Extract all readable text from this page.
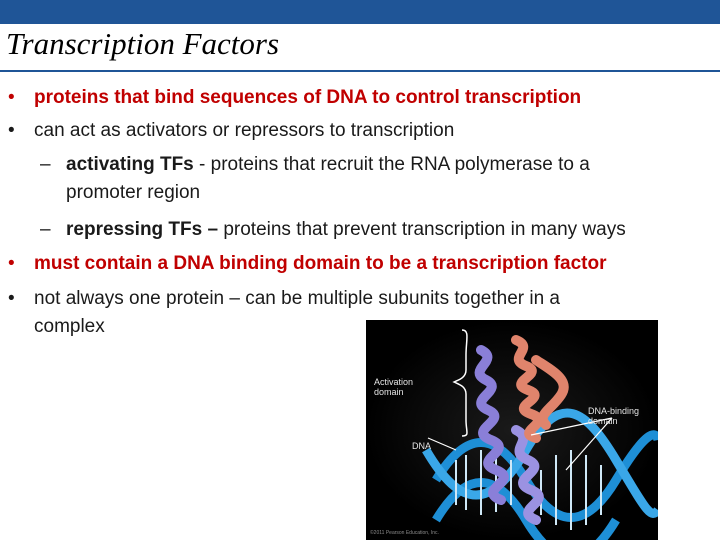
Transcription Factors
•	proteins that bind sequences of DNA to control transcription
•	can act as activators or repressors to transcription
– activating TFs - proteins that recruit the RNA polymerase to a
promoter region
– repressing TFs – proteins that prevent transcription in many ways
•	must contain a DNA binding domain to be a transcription factor
•	not always one protein – can be multiple subunits together in a
complex
Activation
domain
DNA-binding
domain
DNA
©2011 Pearson Education, Inc.
